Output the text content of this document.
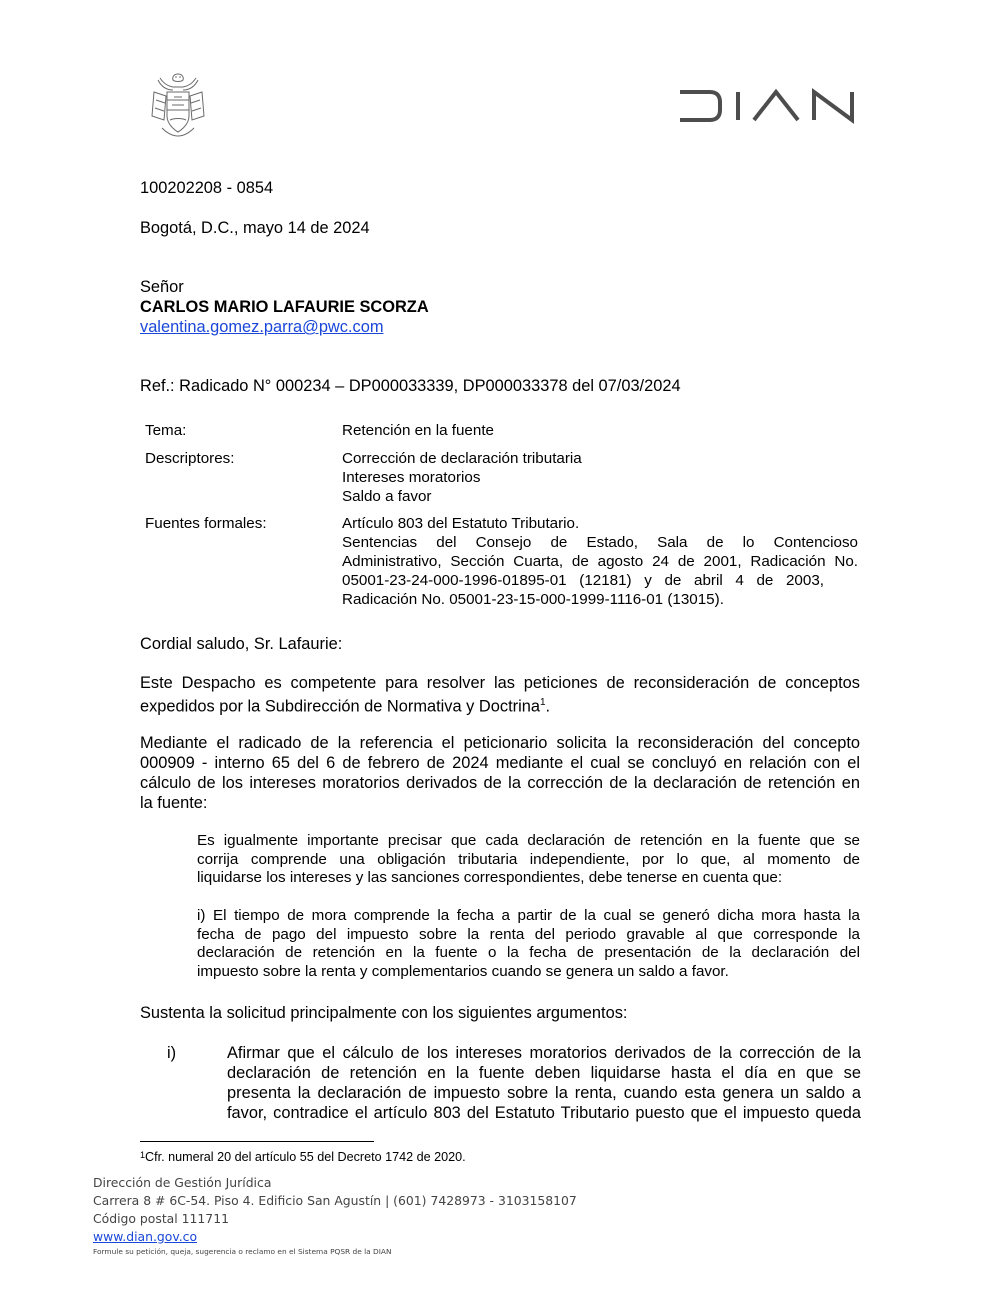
100202208 - 0854
Bogotá, D.C., mayo 14 de 2024
Señor
CARLOS MARIO LAFAURIE SCORZA
valentina.gomez.parra@pwc.com
Ref.: Radicado N° 000234 – DP000033339, DP000033378 del 07/03/2024
Tema:	Retención en la fuente
Descriptores:	Corrección de declaración tributaria
Intereses moratorios
Saldo a favor
Fuentes formales:	Artículo 803 del Estatuto Tributario.
Sentencias del Consejo de Estado, Sala de lo Contencioso
Administrativo, Sección Cuarta, de agosto 24 de 2001, Radicación No.
05001-23-24-000-1996-01895-01 (12181) y de abril 4 de 2003,
Radicación No. 05001-23-15-000-1999-1116-01 (13015).
Cordial saludo, Sr. Lafaurie:
Este Despacho es competente para resolver las peticiones de reconsideración de conceptos
expedidos por la Subdirección de Normativa y Doctrina$^1$.
Mediante el radicado de la referencia el peticionario solicita la reconsideración del concepto
000909 - interno 65 del 6 de febrero de 2024 mediante el cual se concluyó en relación con el
cálculo de los intereses moratorios derivados de la corrección de la declaración de retención en
la fuente:
Es igualmente importante precisar que cada declaración de retención en la fuente que se
corrija comprende una obligación tributaria independiente, por lo que, al momento de
liquidarse los intereses y las sanciones correspondientes, debe tenerse en cuenta que:
i) El tiempo de mora comprende la fecha a partir de la cual se generó dicha mora hasta la
fecha de pago del impuesto sobre la renta del periodo gravable al que corresponde la
declaración de retención en la fuente o la fecha de presentación de la declaración del
impuesto sobre la renta y complementarios cuando se genera un saldo a favor.
Sustenta la solicitud principalmente con los siguientes argumentos:
i)	Afirmar que el cálculo de los intereses moratorios derivados de la corrección de la
declaración de retención en la fuente deben liquidarse hasta el día en que se
presenta la declaración de impuesto sobre la renta, cuando esta genera un saldo a
favor, contradice el artículo 803 del Estatuto Tributario puesto que el impuesto queda
$^1$Cfr. numeral 20 del artículo 55 del Decreto 1742 de 2020.
Dirección de Gestión Jurídica
Carrera 8 # 6C-54. Piso 4. Edificio San Agustín | (601) 7428973 - 3103158107
Código postal 111711
www.dian.gov.co
Formule su petición, queja, sugerencia o reclamo en el Sistema PQSR de la DIAN
